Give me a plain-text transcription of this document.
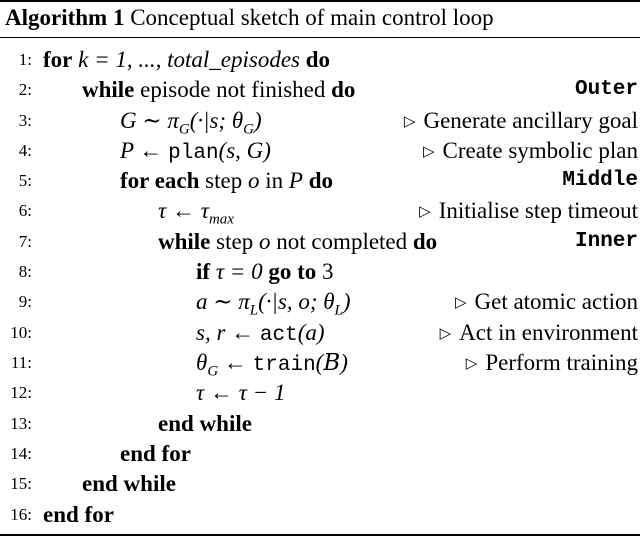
Algorithm 1 Conceptual sketch of main control loop
1: for k = 1, ..., total_episodes do
2: while episode not finished do	Outer
3:	G ∼ $\pi_G(\cdot|s$; $\theta_G$)	▷ Generate ancillary goal
4:	P ← plan(s, G)	▷ Create symbolic plan
5:	for each step o in P do	Middle
6:	τ ← $\tau_{max}$	▷ Initialise step timeout
7:	while step o not completed do	Inner
8:	if τ = 0 go to 3
9:	a ∼ $\pi_L(\cdot|s$, o; $\theta_L$)	▷ Get atomic action
10:	s, r ← act(a)	▷ Act in environment
11:	$\theta_G$ ← train(B)	▷ Perform training
12:	τ ← τ − 1
13:	end while
14:	end for
15: end while
16: end for
